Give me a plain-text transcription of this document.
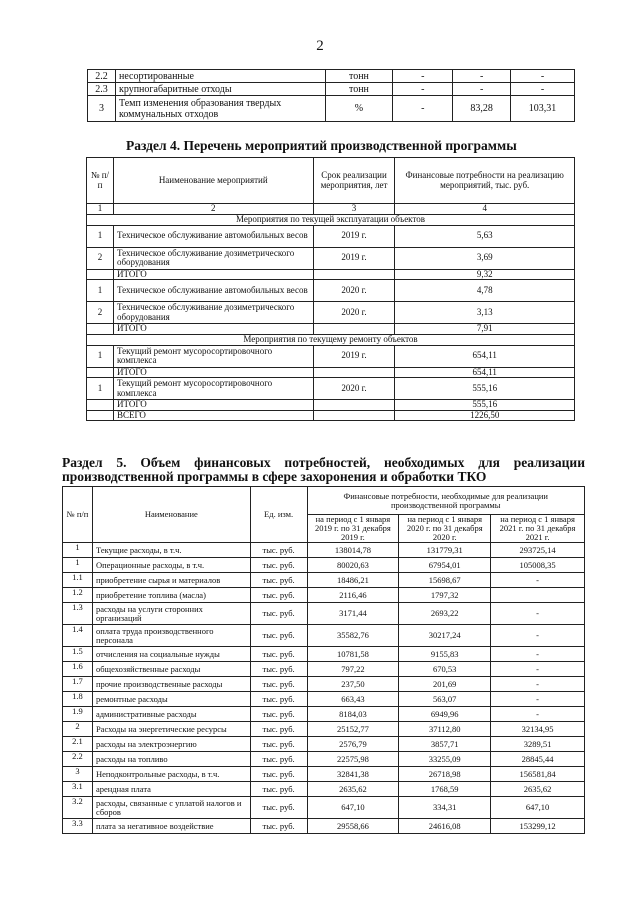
2
2.2	несортированные	тонн	-	-	-
2.3	крупногабаритные отходы	тонн	-	-	-
3	Темп изменения образования твердых коммунальных отходов	%	-	83,28	103,31
Раздел 4. Перечень мероприятий производственной программы
№ п/п	Наименование мероприятий	Срок реализации мероприятия, лет	Финансовые потребности на реализацию мероприятий, тыс. руб.
1	2	3	4
Мероприятия по текущей эксплуатации объектов			
1	Техническое обслуживание автомобильных весов	2019 г.	5,63
2	Техническое обслуживание дозиметрического оборудования	2019 г.	3,69
	ИТОГО		9,32
1	Техническое обслуживание автомобильных весов	2020 г.	4,78
2	Техническое обслуживание дозиметрического оборудования	2020 г.	3,13
	ИТОГО		7,91
Мероприятия по текущему ремонту объектов			
1	Текущий ремонт мусоросортировочного комплекса	2019 г.	654,11
	ИТОГО		654,11
1	Текущий ремонт мусоросортировочного комплекса	2020 г.	555,16
	ИТОГО		555,16
	ВСЕГО		1226,50
Раздел 5. Объем финансовых потребностей, необходимых для реализации
производственной программы в сфере захоронения и обработки ТКО
№ п/п	Наименование	Ед. изм.	Финансовые потребности, необходимые для реализации производственной программы		
			на период с 1 января 2019 г. по 31 декабря 2019 г.	на период с 1 января 2020 г. по 31 декабря 2020 г.	на период с 1 января 2021 г. по 31 декабря 2021 г.
1	Текущие расходы, в т.ч.	тыс. руб.	138014,78	131779,31	293725,14
1	Операционные расходы, в т.ч.	тыс. руб.	80020,63	67954,01	105008,35
1.1	приобретение сырья и материалов	тыс. руб.	18486,21	15698,67	-
1.2	приобретение топлива (масла)	тыс. руб.	2116,46	1797,32	
1.3	расходы на услуги сторонних организаций	тыс. руб.	3171,44	2693,22	-
1.4	оплата труда производственного персонала	тыс. руб.	35582,76	30217,24	-
1.5	отчисления на социальные нужды	тыс. руб.	10781,58	9155,83	-
1.6	общехозяйственные расходы	тыс. руб.	797,22	670,53	-
1.7	прочие производственные расходы	тыс. руб.	237,50	201,69	-
1.8	ремонтные расходы	тыс. руб.	663,43	563,07	-
1.9	административные расходы	тыс. руб.	8184,03	6949,96	-
2	Расходы на энергетические ресурсы	тыс. руб.	25152,77	37112,80	32134,95
2.1	расходы на электроэнергию	тыс. руб.	2576,79	3857,71	3289,51
2.2	расходы на топливо	тыс. руб.	22575,98	33255,09	28845,44
3	Неподконтрольные расходы, в т.ч.	тыс. руб.	32841,38	26718,98	156581,84
3.1	арендная плата	тыс. руб.	2635,62	1768,59	2635,62
3.2	расходы, связанные с уплатой налогов и сборов	тыс. руб.	647,10	334,31	647,10
3.3	плата за негативное воздействие	тыс. руб.	29558,66	24616,08	153299,12
